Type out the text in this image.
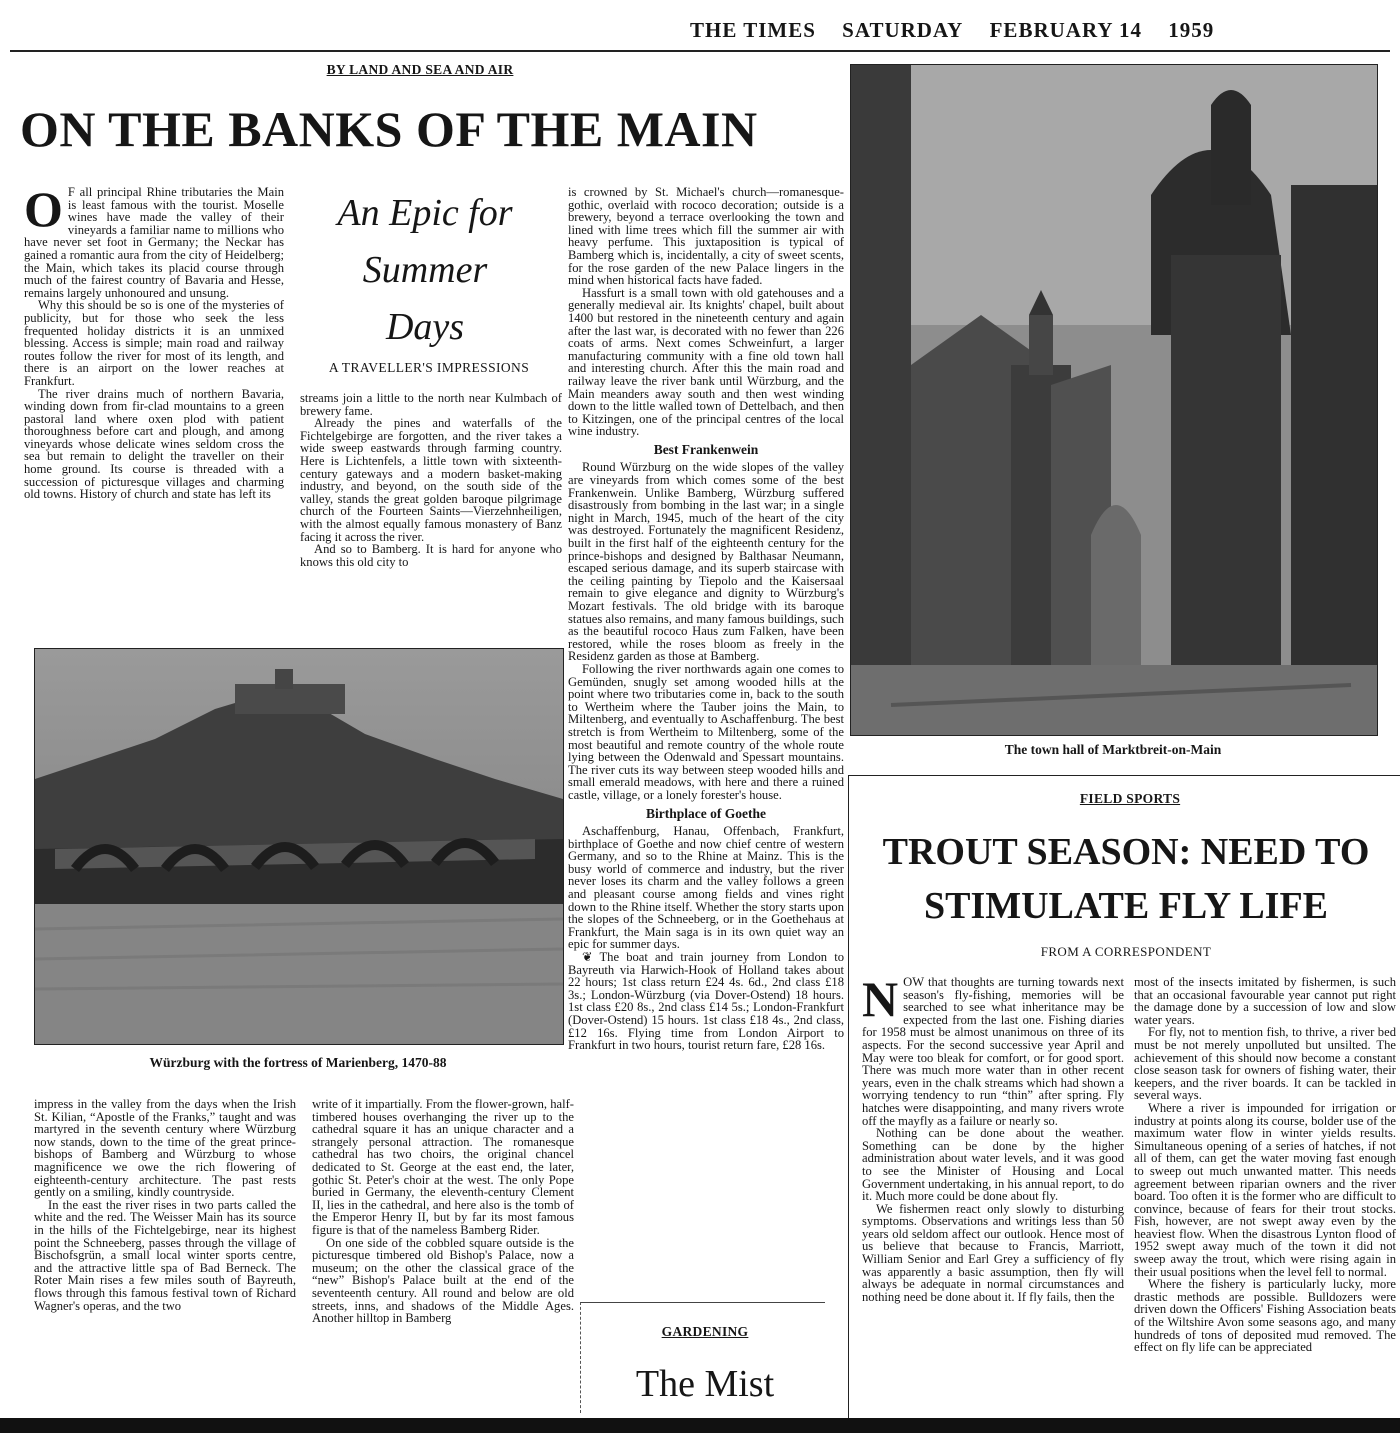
THE TIMES SATURDAY FEBRUARY 14 1959
BY LAND AND SEA AND AIR
ON THE BANKS OF THE MAIN

O F all principal Rhine tributaries the Main is least famous with the tourist. Moselle wines have made the valley of their vineyards a familiar name to millions who have never set foot in Germany; the Neckar has gained a romantic aura from the city of Heidelberg; the Main, which takes its placid course through much of the fairest country of Bavaria and Hesse, remains largely unhonoured and unsung.

Why this should be so is one of the mysteries of publicity, but for those who seek the less frequented holiday districts it is an unmixed blessing. Access is simple; main road and railway routes follow the river for most of its length, and there is an airport on the lower reaches at Frankfurt.

The river drains much of northern Bavaria, winding down from fir-clad mountains to a green pastoral land where oxen plod with patient thoroughness before cart and plough, and among vineyards whose delicate wines seldom cross the sea but remain to delight the traveller on their home ground. Its course is threaded with a succession of picturesque villages and charming old towns. History of church and state has left its

An Epic for
Summer
Days
A TRAVELLER'S IMPRESSIONS

streams join a little to the north near Kulmbach of brewery fame.

Already the pines and waterfalls of the Fichtelgebirge are forgotten, and the river takes a wide sweep eastwards through farming country. Here is Lichtenfels, a little town with sixteenth-century gateways and a modern basket-making industry, and beyond, on the south side of the valley, stands the great golden baroque pilgrimage church of the Fourteen Saints—Vierzehnheiligen, with the almost equally famous monastery of Banz facing it across the river.

And so to Bamberg. It is hard for anyone who knows this old city to

is crowned by St. Michael's church—romanesque-gothic, overlaid with rococo decoration; outside is a brewery, beyond a terrace overlooking the town and lined with lime trees which fill the summer air with heavy perfume. This juxtaposition is typical of Bamberg which is, incidentally, a city of sweet scents, for the rose garden of the new Palace lingers in the mind when historical facts have faded.

Hassfurt is a small town with old gatehouses and a generally medieval air. Its knights' chapel, built about 1400 but restored in the nineteenth century and again after the last war, is decorated with no fewer than 226 coats of arms. Next comes Schweinfurt, a larger manufacturing community with a fine old town hall and interesting church. After this the main road and railway leave the river bank until Würzburg, and the Main meanders away south and then west winding down to the little walled town of Dettelbach, and then to Kitzingen, one of the principal centres of the local wine industry.

Best Frankenwein

Round Würzburg on the wide slopes of the valley are vineyards from which comes some of the best Frankenwein. Unlike Bamberg, Würzburg suffered disastrously from bombing in the last war; in a single night in March, 1945, much of the heart of the city was destroyed. Fortunately the magnificent Residenz, built in the first half of the eighteenth century for the prince-bishops and designed by Balthasar Neumann, escaped serious damage, and its superb staircase with the ceiling painting by Tiepolo and the Kaisersaal remain to give elegance and dignity to Würzburg's Mozart festivals. The old bridge with its baroque statues also remains, and many famous buildings, such as the beautiful rococo Haus zum Falken, have been restored, while the roses bloom as freely in the Residenz garden as those at Bamberg.

Following the river northwards again one comes to Gemünden, snugly set among wooded hills at the point where two tributaries come in, back to the south to Wertheim where the Tauber joins the Main, to Miltenberg, and eventually to Aschaffenburg. The best stretch is from Wertheim to Miltenberg, some of the most beautiful and remote country of the whole route lying between the Odenwald and Spessart mountains. The river cuts its way between steep wooded hills and small emerald meadows, with here and there a ruined castle, village, or a lonely forester's house.

Birthplace of Goethe

Aschaffenburg, Hanau, Offenbach, Frankfurt, birthplace of Goethe and now chief centre of western Germany, and so to the Rhine at Mainz. This is the busy world of commerce and industry, but the river never loses its charm and the valley follows a green and pleasant course among fields and vines right down to the Rhine itself. Whether the story starts upon the slopes of the Schneeberg, or in the Goethehaus at Frankfurt, the Main saga is in its own quiet way an epic for summer days.

❦ The boat and train journey from London to Bayreuth via Harwich-Hook of Holland takes about 22 hours; 1st class return £24 4s. 6d., 2nd class £18 3s.; London-Würzburg (via Dover-Ostend) 18 hours. 1st class £20 8s., 2nd class £14 5s.; London-Frankfurt (Dover-Ostend) 15 hours. 1st class £18 4s., 2nd class, £12 16s. Flying time from London Airport to Frankfurt in two hours, tourist return fare, £28 16s.

Würzburg with the fortress of Marienberg, 1470-88

impress in the valley from the days when the Irish St. Kilian, “Apostle of the Franks,” taught and was martyred in the seventh century where Würzburg now stands, down to the time of the great prince-bishops of Bamberg and Würzburg to whose magnificence we owe the rich flowering of eighteenth-century architecture. The past rests gently on a smiling, kindly countryside.

In the east the river rises in two parts called the white and the red. The Weisser Main has its source in the hills of the Fichtelgebirge, near its highest point the Schneeberg, passes through the village of Bischofsgrün, a small local winter sports centre, and the attractive little spa of Bad Berneck. The Roter Main rises a few miles south of Bayreuth, flows through this famous festival town of Richard Wagner's operas, and the two

write of it impartially. From the flower-grown, half-timbered houses overhanging the river up to the cathedral square it has an unique character and a strangely personal attraction. The romanesque cathedral has two choirs, the original chancel dedicated to St. George at the east end, the later, gothic St. Peter's choir at the west. The only Pope buried in Germany, the eleventh-century Clement II, lies in the cathedral, and here also is the tomb of the Emperor Henry II, but by far its most famous figure is that of the nameless Bamberg Rider.

On one side of the cobbled square outside is the picturesque timbered old Bishop's Palace, now a museum; on the other the classical grace of the “new” Bishop's Palace built at the end of the seventeenth century. All round and below are old streets, inns, and shadows of the Middle Ages. Another hilltop in Bamberg

GARDENING
The Mist
The town hall of Marktbreit-on-Main
FIELD SPORTS
TROUT SEASON: NEED TO
STIMULATE FLY LIFE
FROM A CORRESPONDENT

NOW that thoughts are turning towards next season's fly-fishing, memories will be searched to see what inheritance may be expected from the last one. Fishing diaries for 1958 must be almost unanimous on three of its aspects. For the second successive year April and May were too bleak for comfort, or for good sport. There was much more water than in other recent years, even in the chalk streams which had shown a worrying tendency to run “thin” after spring. Fly hatches were disappointing, and many rivers wrote off the mayfly as a failure or nearly so.

Nothing can be done about the weather. Something can be done by the higher administration about water levels, and it was good to see the Minister of Housing and Local Government undertaking, in his annual report, to do it. Much more could be done about fly.

We fishermen react only slowly to disturbing symptoms. Observations and writings less than 50 years old seldom affect our outlook. Hence most of us believe that because to Francis, Marriott, William Senior and Earl Grey a sufficiency of fly was apparently a basic assumption, then fly will always be adequate in normal circumstances and nothing need be done about it. If fly fails, then the

most of the insects imitated by fishermen, is such that an occasional favourable year cannot put right the damage done by a succession of low and slow water years.

For fly, not to mention fish, to thrive, a river bed must be not merely unpolluted but unsilted. The achievement of this should now become a constant close season task for owners of fishing water, their keepers, and the river boards. It can be tackled in several ways.

Where a river is impounded for irrigation or industry at points along its course, bolder use of the maximum water flow in winter yields results. Simultaneous opening of a series of hatches, if not all of them, can get the water moving fast enough to sweep out much unwanted matter. This needs agreement between riparian owners and the river board. Too often it is the former who are difficult to convince, because of fears for their trout stocks. Fish, however, are not swept away even by the heaviest flow. When the disastrous Lynton flood of 1952 swept away much of the town it did not sweep away the trout, which were rising again in their usual positions when the level fell to normal.

Where the fishery is particularly lucky, more drastic methods are possible. Bulldozers were driven down the Officers' Fishing Association beats of the Wiltshire Avon some seasons ago, and many hundreds of tons of deposited mud removed. The effect on fly life can be appreciated
